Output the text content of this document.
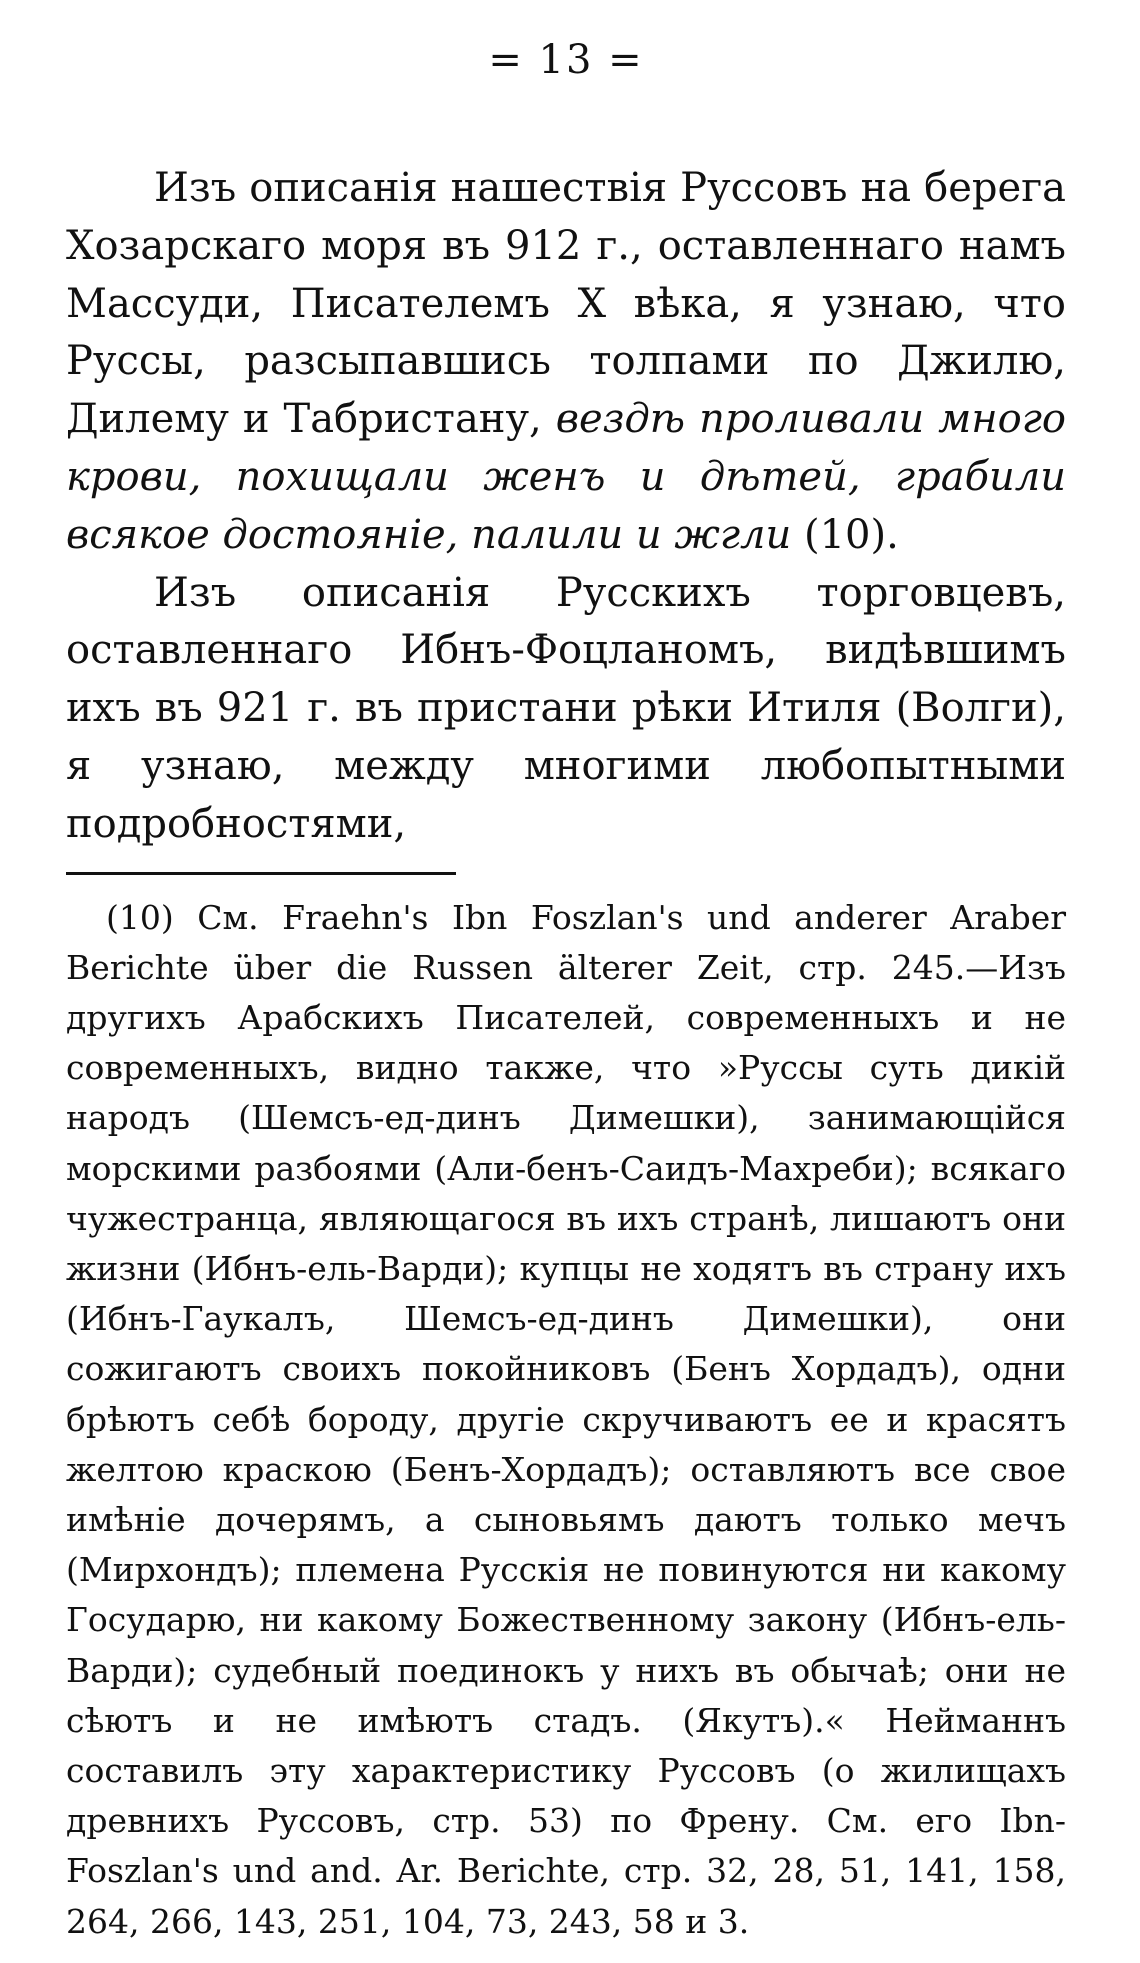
= 13 =

Изъ описанія нашествія Руссовъ на берега Хозарскаго моря въ 912 г., оставленнаго намъ Массуди, Писателемъ X вѣка, я узнаю, что Руссы, разсыпавшись толпами по Джилю, Дилему и Табристану, вездѣ проливали много крови, похищали женъ и дѣтей, грабили всякое достояніе, палили и жгли (10).

Изъ описанія Русскихъ торговцевъ, оставленнаго Ибнъ-Фоцланомъ, видѣвшимъ ихъ въ 921 г. въ пристани рѣки Итиля (Волги), я узнаю, между многими любопытными подробностями,

(10) См. Fraehn's Ibn Foszlan's und anderer Araber Berichte über die Russen älterer Zeit, стр. 245.—Изъ другихъ Арабскихъ Писателей, современныхъ и не современныхъ, видно также, что »Руссы суть дикій народъ (Шемсъ-ед-динъ Димешки), занимающійся морскими разбоями (Али-бенъ-Саидъ-Махреби); всякаго чужестранца, являющагося въ ихъ странѣ, лишаютъ они жизни (Ибнъ-ель-Варди); купцы не ходятъ въ страну ихъ (Ибнъ-Гаукалъ, Шемсъ-ед-динъ Димешки), они сожигаютъ своихъ покойниковъ (Бенъ Хордадъ), одни брѣютъ себѣ бороду, другіе скручиваютъ ее и красятъ желтою краскою (Бенъ-Хордадъ); оставляютъ все свое имѣніе дочерямъ, а сыновьямъ даютъ только мечъ (Мирхондъ); племена Русскія не повинуются ни какому Государю, ни какому Божественному закону (Ибнъ-ель-Варди); судебный поединокъ у нихъ въ обычаѣ; они не сѣютъ и не имѣютъ стадъ. (Якутъ).« Нейманнъ составилъ эту характеристику Руссовъ (о жилищахъ древнихъ Руссовъ, стр. 53) по Френу. См. его Ibn-Foszlan's und and. Ar. Berichte, стр. 32, 28, 51, 141, 158, 264, 266, 143, 251, 104, 73, 243, 58 и 3.
